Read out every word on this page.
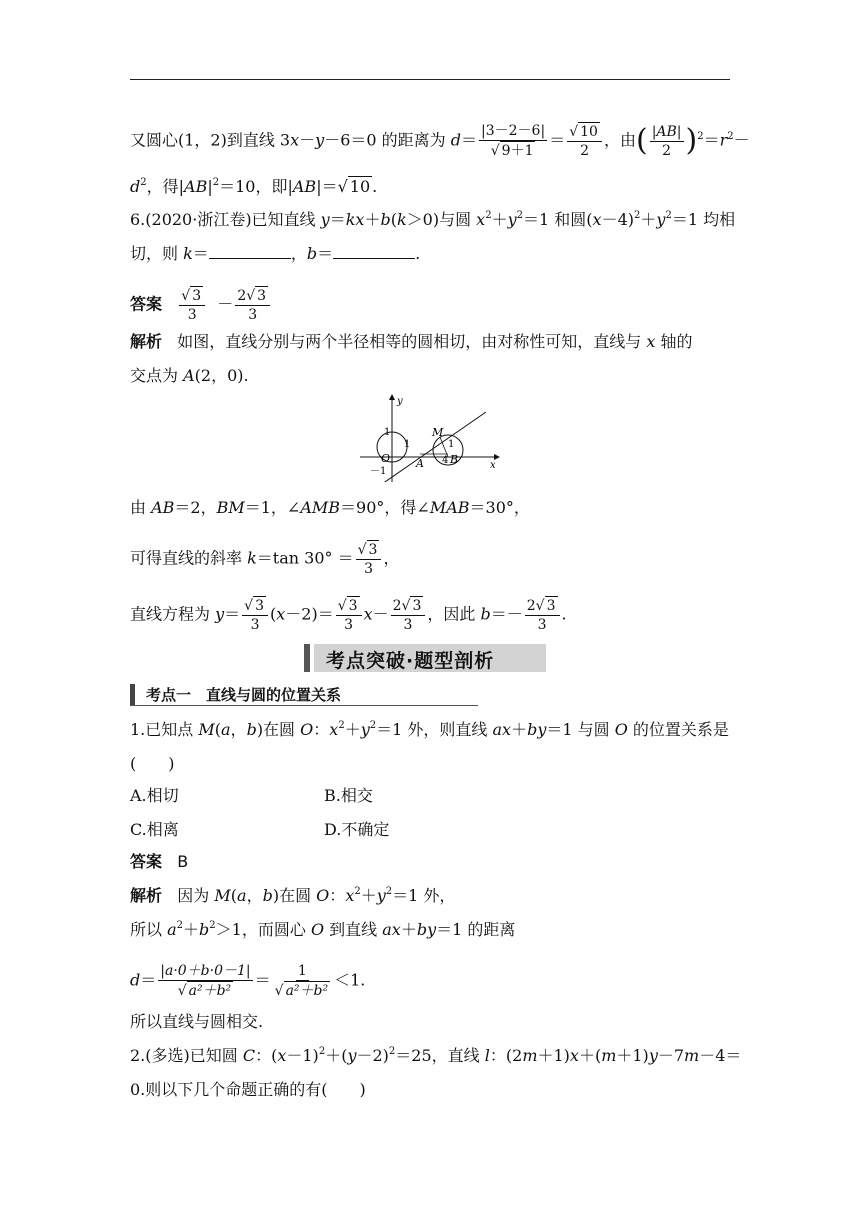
又圆心(1，2)到直线 3x－y－6＝0 的距离为 $d= \frac{|3-2-6|}{√ 9+1} = \frac{√ 10}{2}$ ，由( $\frac{|AB|}{2} )^2=r^2-$
$d^2$，得$|AB|^2=10$，即|AB|＝√ 10 .
6.(2020·浙江卷)已知直线 y＝kx＋b(k＞0)与圆 $x^2+y^2=1$ 和圆$(x-4)^2+y^2=1$ 均相
切，则 k＝	，b＝	.
答案 $\frac{√ 3}{3} - \frac{2√ 3}{3}$
解析 如图，直线分别与两个半径相等的圆相切，由对称性可知，直线与 x 轴的
交点为 A(2，0).
y
x
O A B
M
1
1	1
－1
4
由 AB＝2，BM＝1，∠AMB＝90°，得∠MAB＝30°，
可得直线的斜率 k＝tan $30^\circ = \frac{√ 3}{3}$ ，
直线方程为 $y= \frac{√ 3}{3} (x-2)= \frac{√ 3}{3} x- \frac{2√ 3}{3}$ ，因此 $b=- \frac{2√ 3}{3}$ .
考点突破·题型剖析
考点一　直线与圆的位置关系
1.已知点 M(a，b)在圆 O：$x^2+y^2=1$ 外，则直线 ax＋by＝1 与圆 O 的位置关系是
(　　)
A.相切	B.相交
C.相离	D.不确定
答案 B
解析 因为 M(a，b)在圆 O：$x^2+y^2=1$ 外，
所以 $a^2+b^2>1$，而圆心 O 到直线 ax＋by＝1 的距离
$d= \frac{|a\cdot 0+b\cdot 0-1|}{\text{√ a²＋b²}} = \frac{1}{\text{√ a²＋b²}} <1$.
所以直线与圆相交.
2.(多选)已知圆 C：$(x-1)^2+(y-2)^2=25$，直线 l：(2m＋1)x＋(m＋1)y－7m－4＝
0.则以下几个命题正确的有(　　)
